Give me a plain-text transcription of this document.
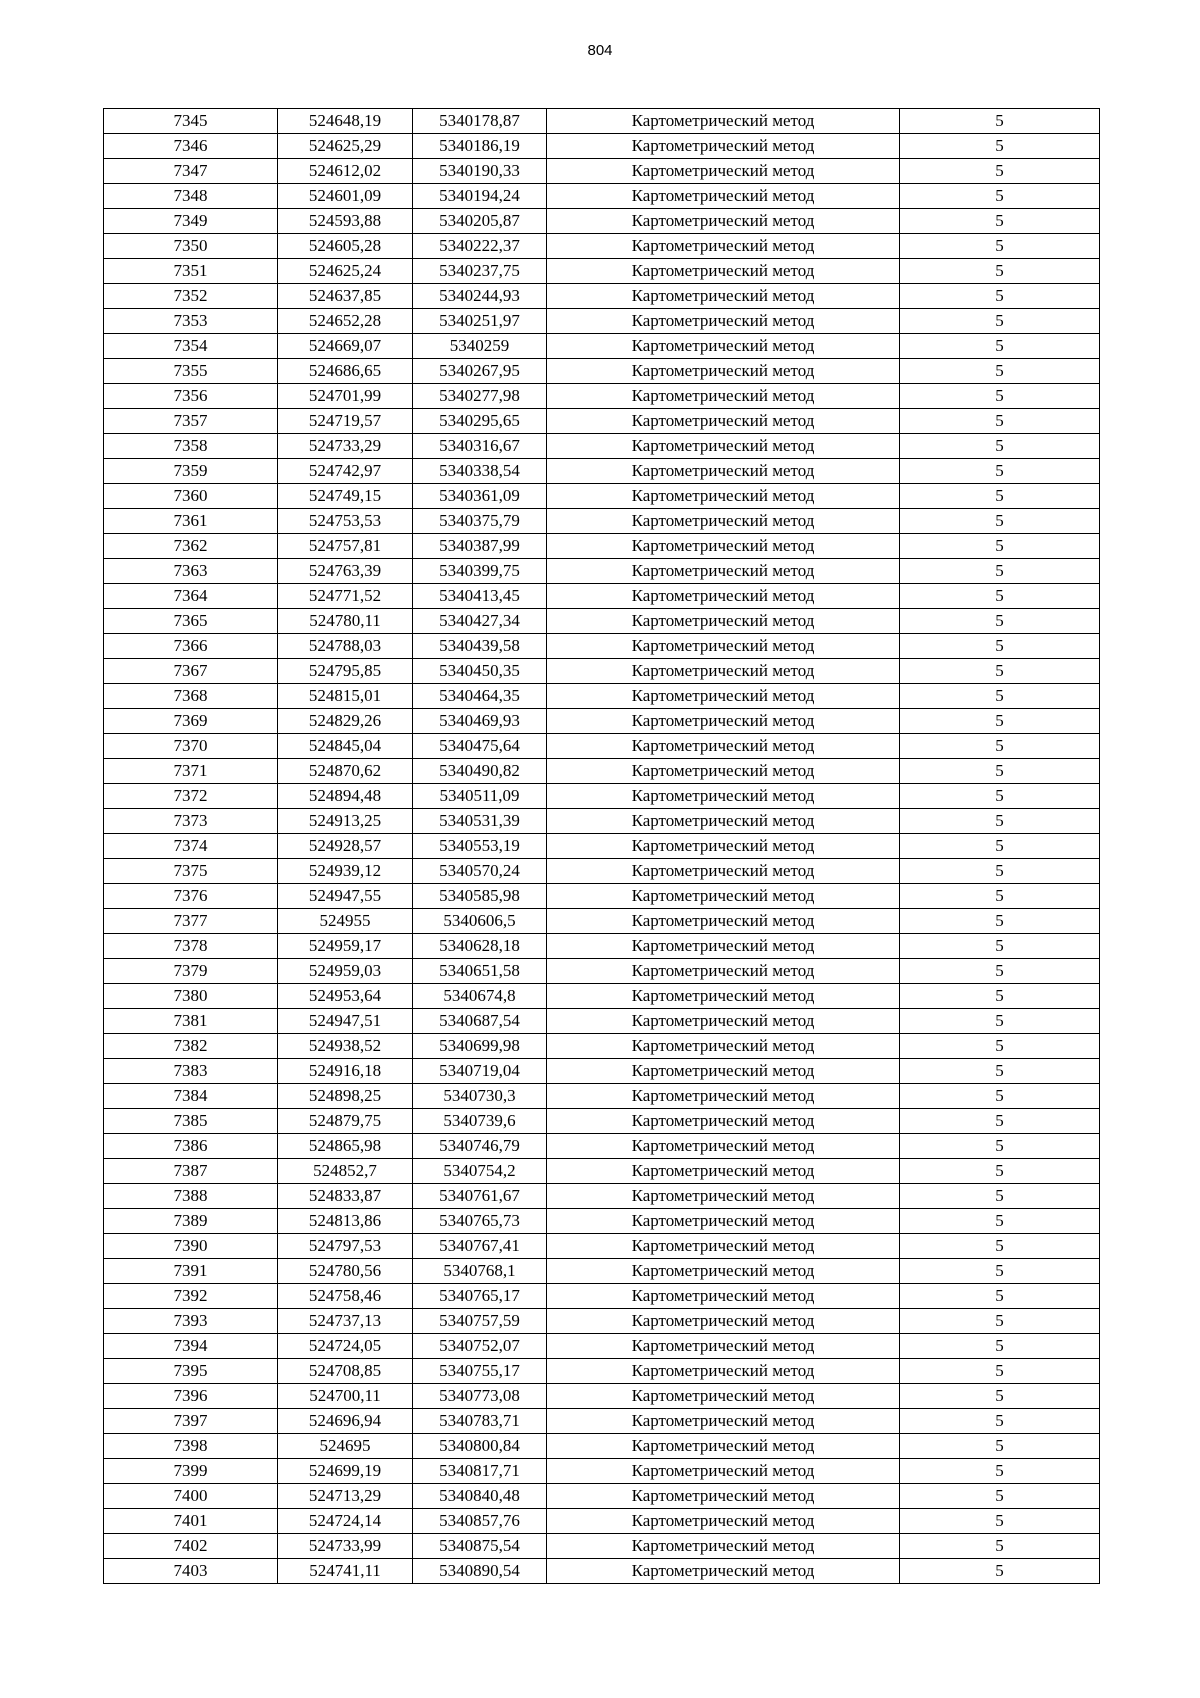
804
7345	524648,19	5340178,87	Картометрический метод	5
7346	524625,29	5340186,19	Картометрический метод	5
7347	524612,02	5340190,33	Картометрический метод	5
7348	524601,09	5340194,24	Картометрический метод	5
7349	524593,88	5340205,87	Картометрический метод	5
7350	524605,28	5340222,37	Картометрический метод	5
7351	524625,24	5340237,75	Картометрический метод	5
7352	524637,85	5340244,93	Картометрический метод	5
7353	524652,28	5340251,97	Картометрический метод	5
7354	524669,07	5340259	Картометрический метод	5
7355	524686,65	5340267,95	Картометрический метод	5
7356	524701,99	5340277,98	Картометрический метод	5
7357	524719,57	5340295,65	Картометрический метод	5
7358	524733,29	5340316,67	Картометрический метод	5
7359	524742,97	5340338,54	Картометрический метод	5
7360	524749,15	5340361,09	Картометрический метод	5
7361	524753,53	5340375,79	Картометрический метод	5
7362	524757,81	5340387,99	Картометрический метод	5
7363	524763,39	5340399,75	Картометрический метод	5
7364	524771,52	5340413,45	Картометрический метод	5
7365	524780,11	5340427,34	Картометрический метод	5
7366	524788,03	5340439,58	Картометрический метод	5
7367	524795,85	5340450,35	Картометрический метод	5
7368	524815,01	5340464,35	Картометрический метод	5
7369	524829,26	5340469,93	Картометрический метод	5
7370	524845,04	5340475,64	Картометрический метод	5
7371	524870,62	5340490,82	Картометрический метод	5
7372	524894,48	5340511,09	Картометрический метод	5
7373	524913,25	5340531,39	Картометрический метод	5
7374	524928,57	5340553,19	Картометрический метод	5
7375	524939,12	5340570,24	Картометрический метод	5
7376	524947,55	5340585,98	Картометрический метод	5
7377	524955	5340606,5	Картометрический метод	5
7378	524959,17	5340628,18	Картометрический метод	5
7379	524959,03	5340651,58	Картометрический метод	5
7380	524953,64	5340674,8	Картометрический метод	5
7381	524947,51	5340687,54	Картометрический метод	5
7382	524938,52	5340699,98	Картометрический метод	5
7383	524916,18	5340719,04	Картометрический метод	5
7384	524898,25	5340730,3	Картометрический метод	5
7385	524879,75	5340739,6	Картометрический метод	5
7386	524865,98	5340746,79	Картометрический метод	5
7387	524852,7	5340754,2	Картометрический метод	5
7388	524833,87	5340761,67	Картометрический метод	5
7389	524813,86	5340765,73	Картометрический метод	5
7390	524797,53	5340767,41	Картометрический метод	5
7391	524780,56	5340768,1	Картометрический метод	5
7392	524758,46	5340765,17	Картометрический метод	5
7393	524737,13	5340757,59	Картометрический метод	5
7394	524724,05	5340752,07	Картометрический метод	5
7395	524708,85	5340755,17	Картометрический метод	5
7396	524700,11	5340773,08	Картометрический метод	5
7397	524696,94	5340783,71	Картометрический метод	5
7398	524695	5340800,84	Картометрический метод	5
7399	524699,19	5340817,71	Картометрический метод	5
7400	524713,29	5340840,48	Картометрический метод	5
7401	524724,14	5340857,76	Картометрический метод	5
7402	524733,99	5340875,54	Картометрический метод	5
7403	524741,11	5340890,54	Картометрический метод	5
